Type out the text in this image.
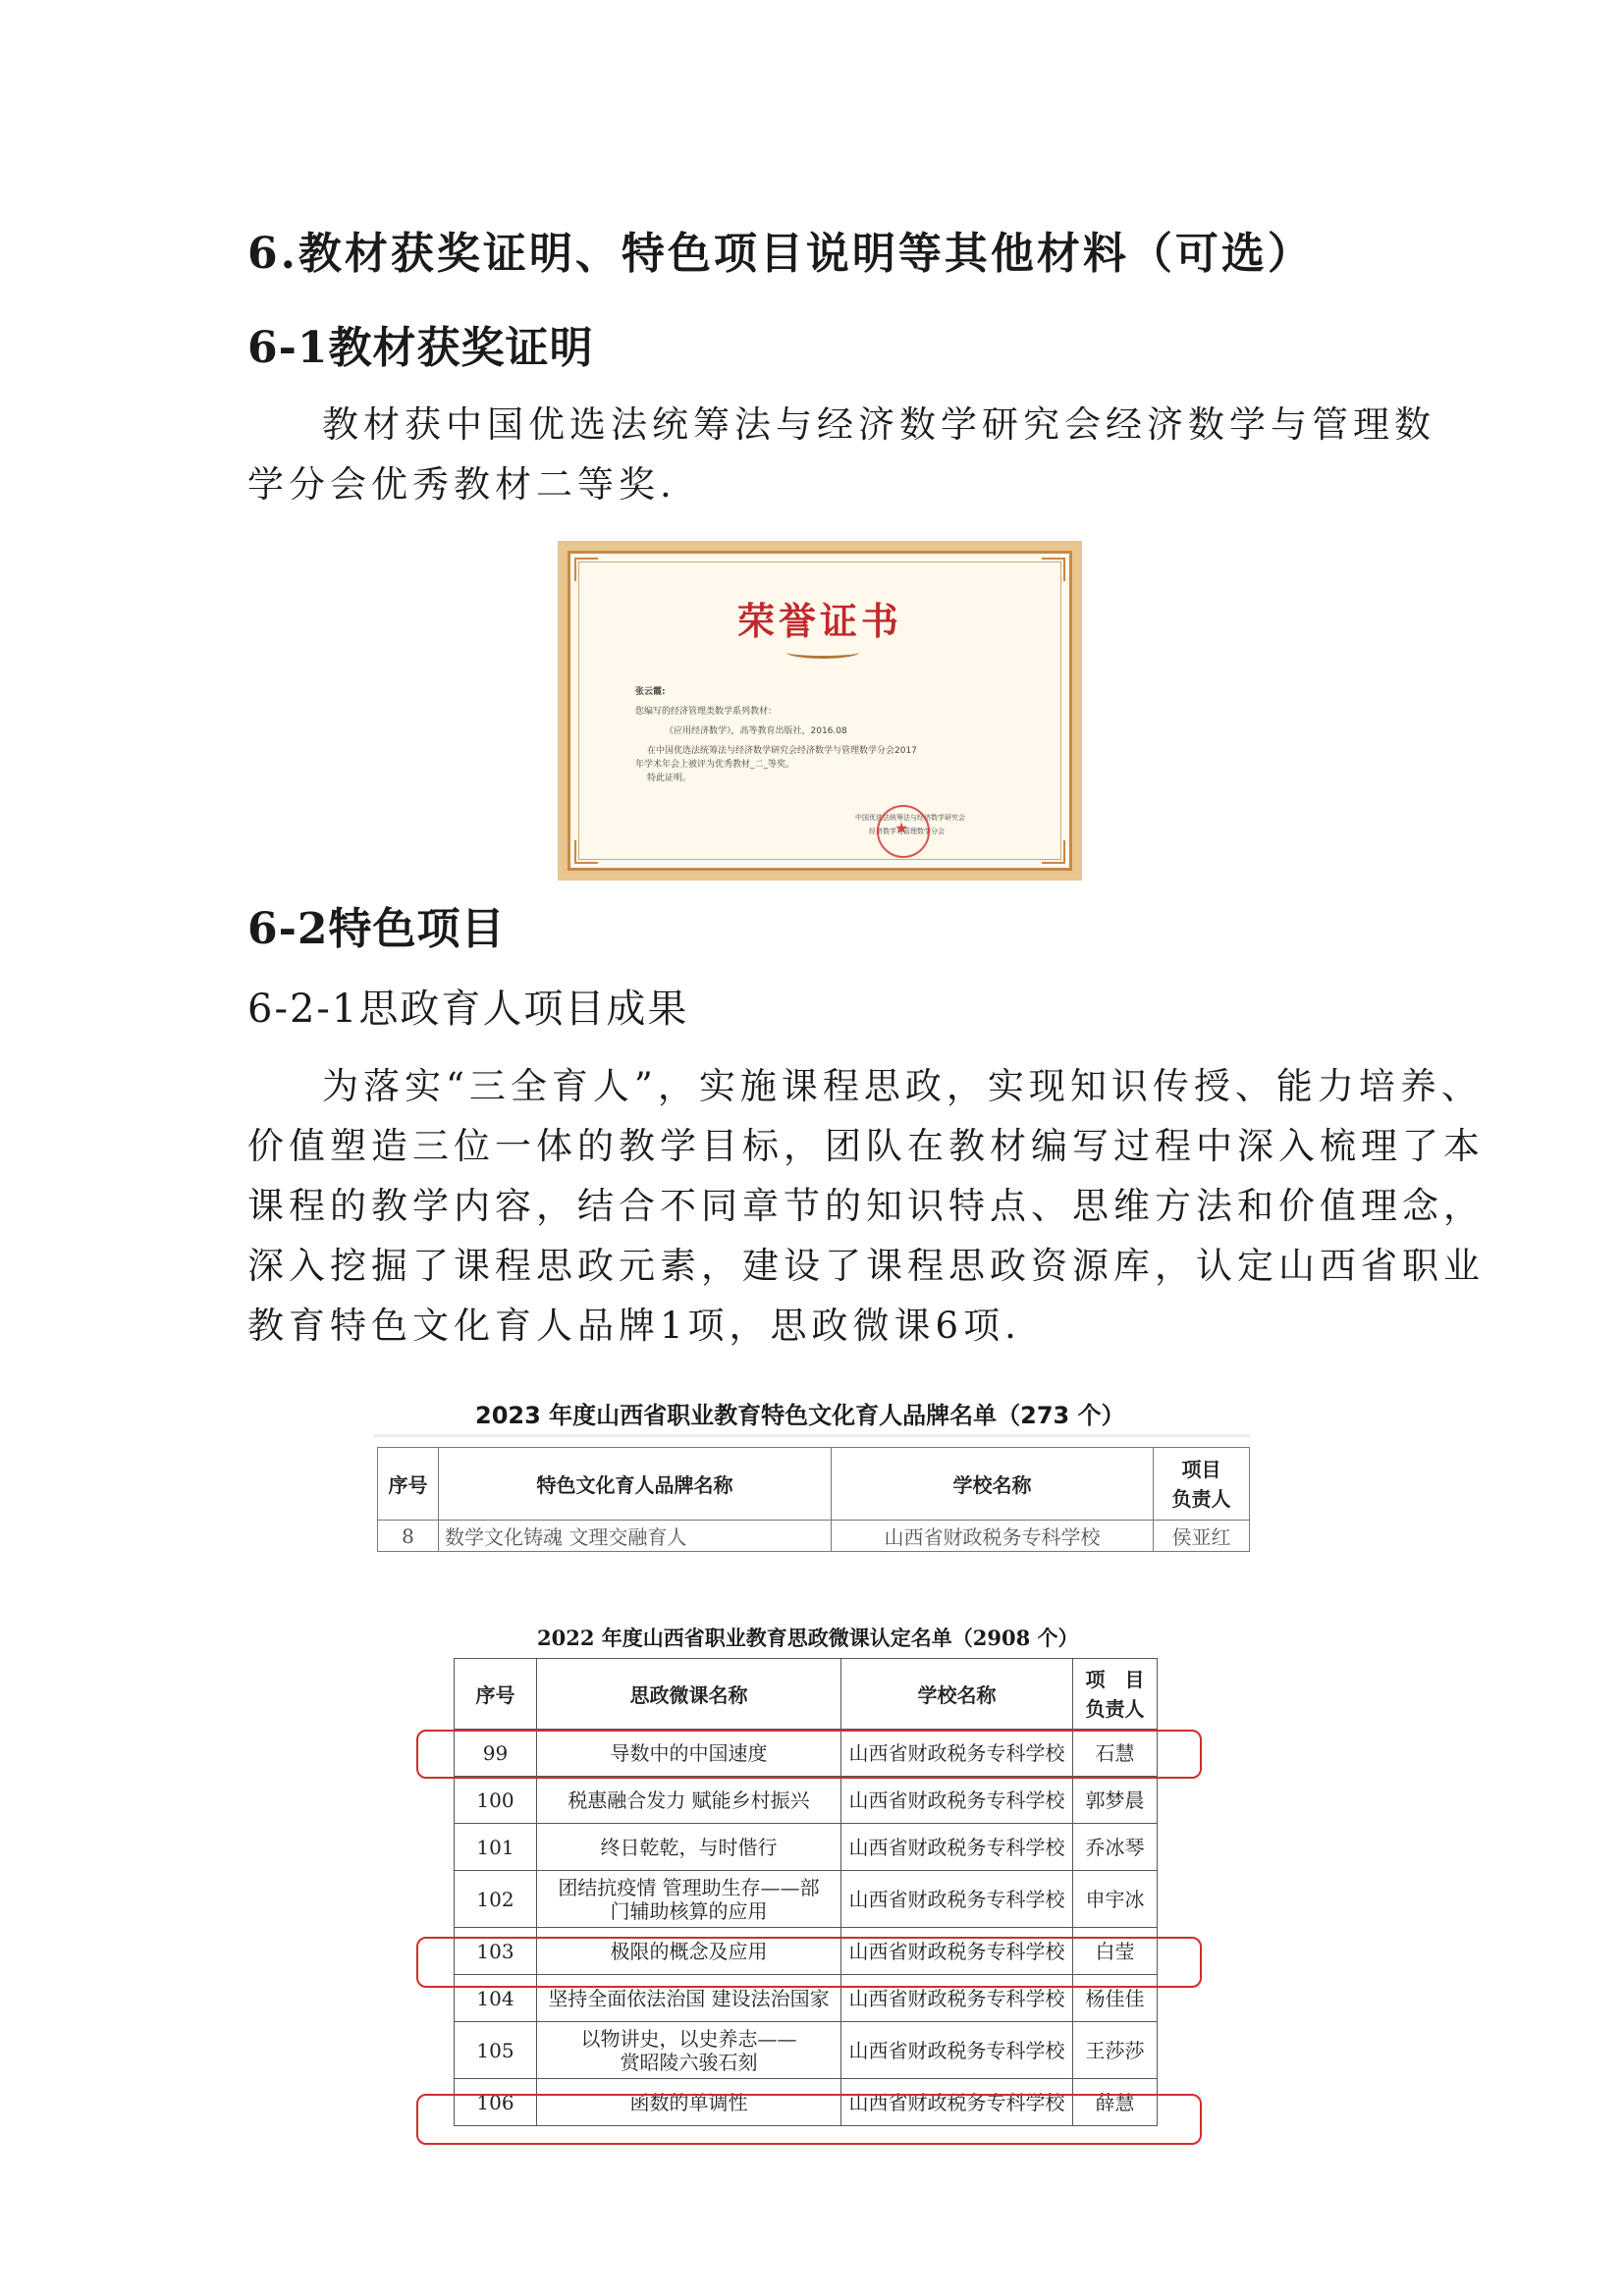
6.教材获奖证明、特色项目说明等其他材料（可选）
6-1教材获奖证明
教材获中国优选法统筹法与经济数学研究会经济数学与管理数
学分会优秀教材二等奖.
荣誉证书
张云霞:
您编写的经济管理类数学系列教材：
《应用经济数学》，高等教育出版社，2016.08
在中国优选法统筹法与经济数学研究会经济数学与管理数学分会2017
年学术年会上被评为优秀教材_二_等奖。
特此证明。
中国优选法统筹法与经济数学研究会
经济数学与管理数学分会
★
6-2特色项目
6-2-1思政育人项目成果
为落实“三全育人”，实施课程思政，实现知识传授、能力培养、
价值塑造三位一体的教学目标，团队在教材编写过程中深入梳理了本
课程的教学内容，结合不同章节的知识特点、思维方法和价值理念，
深入挖掘了课程思政元素，建设了课程思政资源库，认定山西省职业
教育特色文化育人品牌1项，思政微课6项.
2023 年度山西省职业教育特色文化育人品牌名单（273 个）
序号	特色文化育人品牌名称	学校名称	项目
负责人

8	数学文化铸魂 文理交融育人	山西省财政税务专科学校	侯亚红
2022 年度山西省职业教育思政微课认定名单（2908 个）
序号	思政微课名称	学校名称	项　目
负责人

99	导数中的中国速度	山西省财政税务专科学校	石慧

100	税惠融合发力 赋能乡村振兴	山西省财政税务专科学校	郭梦晨

101	终日乾乾，与时偕行	山西省财政税务专科学校	乔冰琴

102	团结抗疫情 管理助生存——部
门辅助核算的应用	山西省财政税务专科学校	申宇冰

103	极限的概念及应用	山西省财政税务专科学校	白莹

104	坚持全面依法治国 建设法治国家	山西省财政税务专科学校	杨佳佳

105	以物讲史，以史养志——
赏昭陵六骏石刻	山西省财政税务专科学校	王莎莎

106	函数的单调性	山西省财政税务专科学校	薛慧
